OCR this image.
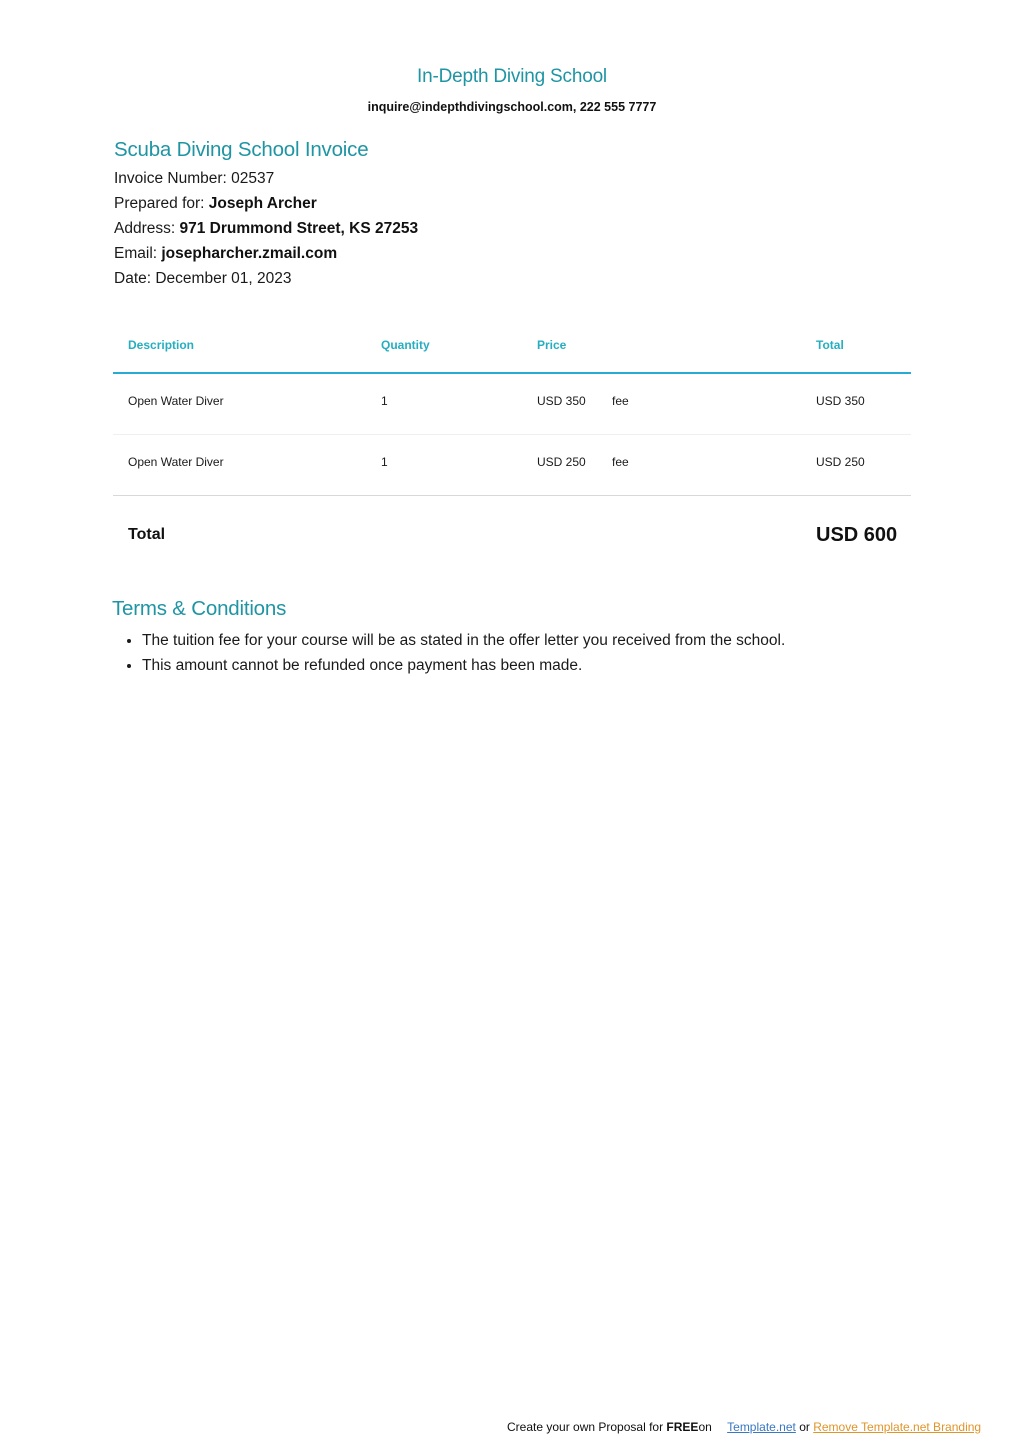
In-Depth Diving School
inquire@indepthdivingschool.com, 222 555 7777
Scuba Diving School Invoice
Invoice Number: 02537
Prepared for: Joseph Archer
Address: 971 Drummond Street, KS 27253
Email: josepharcher.zmail.com
Date: December 01, 2023
Description	Quantity	Price	Total
Open Water Diver	1	USD 350 fee	USD 350
Open Water Diver	1	USD 250 fee	USD 250
Total	USD 600
Terms & Conditions
• The tuition fee for your course will be as stated in the offer letter you received from the school.
• This amount cannot be refunded once payment has been made.
Create your own Proposal for FREEon Template.net or Remove Template.net Branding
